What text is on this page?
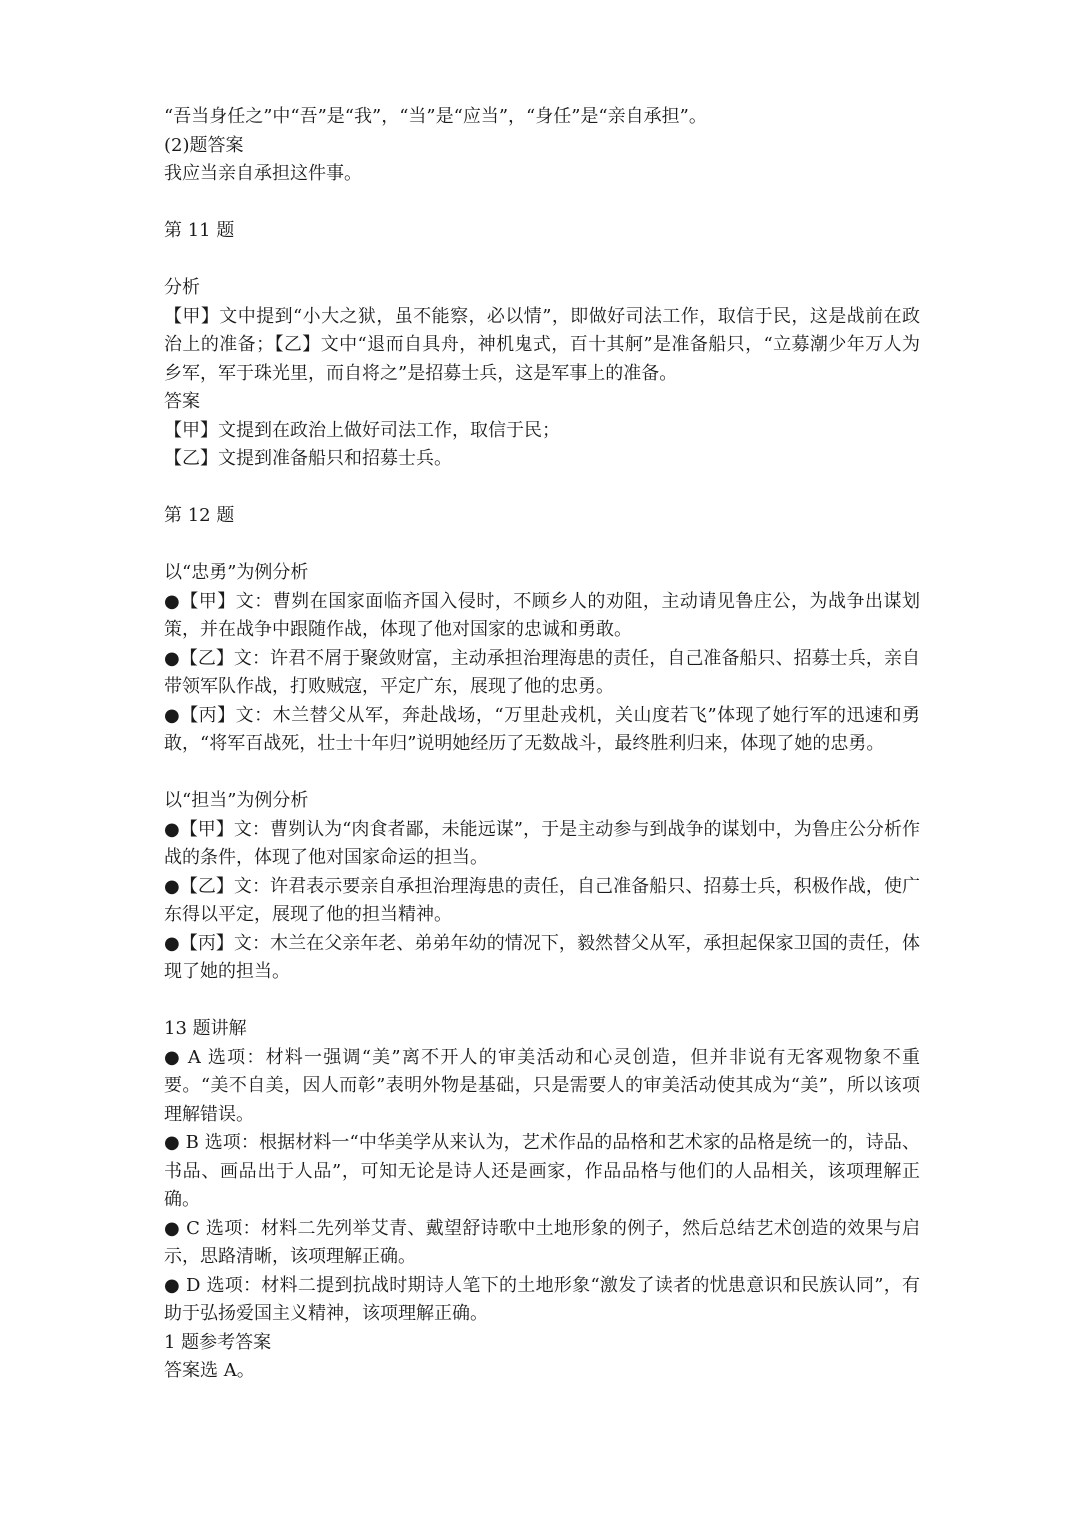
“吾当身任之”中“吾”是“我”，“当”是“应当”，“身任”是“亲自承担”。
(2)题答案
我应当亲自承担这件事。
第 11 题
分析
【甲】文中提到“小大之狱，虽不能察，必以情”，即做好司法工作，取信于民，这是战前在政治上的准备；【乙】文中“退而自具舟，神机鬼式，百十其舸”是准备船只，“立募潮少年万人为乡军，军于珠光里，而自将之”是招募士兵，这是军事上的准备。
答案
【甲】文提到在政治上做好司法工作，取信于民；
【乙】文提到准备船只和招募士兵。
第 12 题
以“忠勇”为例分析
●【甲】文：曹刿在国家面临齐国入侵时，不顾乡人的劝阻，主动请见鲁庄公，为战争出谋划策，并在战争中跟随作战，体现了他对国家的忠诚和勇敢。
●【乙】文：许君不屑于聚敛财富，主动承担治理海患的责任，自己准备船只、招募士兵，亲自带领军队作战，打败贼寇，平定广东，展现了他的忠勇。
●【丙】文：木兰替父从军，奔赴战场，“万里赴戎机，关山度若飞”体现了她行军的迅速和勇敢，“将军百战死，壮士十年归”说明她经历了无数战斗，最终胜利归来，体现了她的忠勇。
以“担当”为例分析
●【甲】文：曹刿认为“肉食者鄙，未能远谋”，于是主动参与到战争的谋划中，为鲁庄公分析作战的条件，体现了他对国家命运的担当。
●【乙】文：许君表示要亲自承担治理海患的责任，自己准备船只、招募士兵，积极作战，使广东得以平定，展现了他的担当精神。
●【丙】文：木兰在父亲年老、弟弟年幼的情况下，毅然替父从军，承担起保家卫国的责任，体现了她的担当。
13 题讲解
● A 选项：材料一强调“美”离不开人的审美活动和心灵创造，但并非说有无客观物象不重要。“美不自美，因人而彰”表明外物是基础，只是需要人的审美活动使其成为“美”，所以该项理解错误。
● B 选项：根据材料一“中华美学从来认为，艺术作品的品格和艺术家的品格是统一的，诗品、书品、画品出于人品”，可知无论是诗人还是画家，作品品格与他们的人品相关，该项理解正确。
● C 选项：材料二先列举艾青、戴望舒诗歌中土地形象的例子，然后总结艺术创造的效果与启示，思路清晰，该项理解正确。
● D 选项：材料二提到抗战时期诗人笔下的土地形象“激发了读者的忧患意识和民族认同”，有助于弘扬爱国主义精神，该项理解正确。
1 题参考答案
答案选 A。
